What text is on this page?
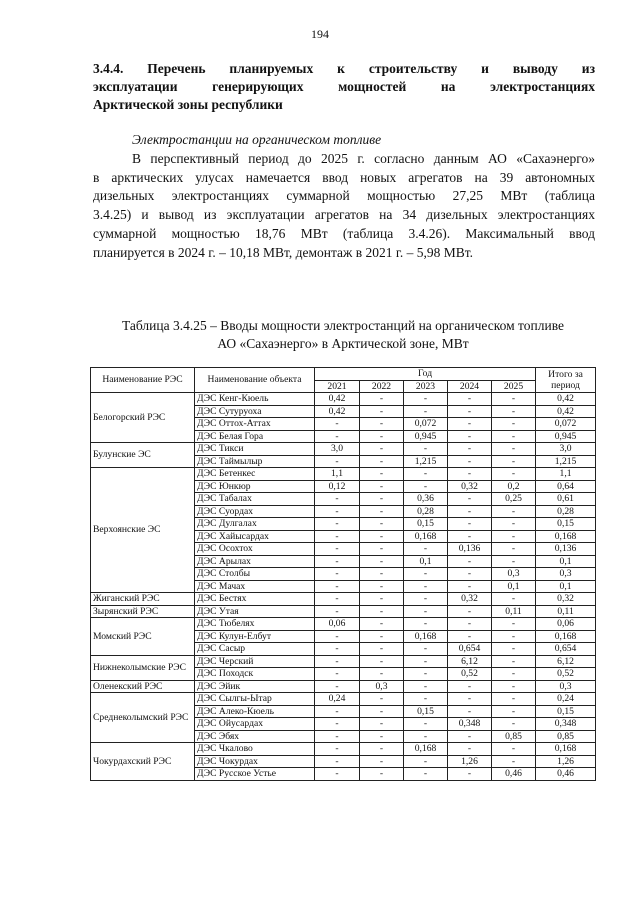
194
3.4.4. Перечень планируемых к строительству и выводу из
эксплуатации генерирующих мощностей на электростанциях
Арктической зоны республики
Электростанции на органическом топливе
В перспективный период до 2025 г. согласно данным АО «Сахаэнерго»
в арктических улусах намечается ввод новых агрегатов на 39 автономных
дизельных электростанциях суммарной мощностью 27,25 МВт (таблица
3.4.25) и вывод из эксплуатации агрегатов на 34 дизельных электростанциях
суммарной мощностью 18,76 МВт (таблица 3.4.26). Максимальный ввод
планируется в 2024 г. – 10,18 МВт, демонтаж в 2021 г. – 5,98 МВт.
Таблица 3.4.25 – Вводы мощности электростанций на органическом топливе
АО «Сахаэнерго» в Арктической зоне, МВт
Наименование РЭС	Наименование объекта	Год					Итого за период
		2021	2022	2023	2024	2025	
Белогорский РЭС	ДЭС Кенг-Кюель	0,42	-	-	-	-	0,42
	ДЭС Сутуруоха	0,42	-	-	-	-	0,42
	ДЭС Оттох-Аттах	-	-	0,072	-	-	0,072
	ДЭС Белая Гора	-	-	0,945	-	-	0,945
Булунские ЭС	ДЭС Тикси	3,0	-	-	-	-	3,0
	ДЭС Таймылыр	-	-	1,215	-	-	1,215
Верхоянские ЭС	ДЭС Бетенкес	1,1	-	-	-	-	1,1
	ДЭС Юнкюр	0,12	-	-	0,32	0,2	0,64
	ДЭС Табалах	-	-	0,36	-	0,25	0,61
	ДЭС Суордах	-	-	0,28	-	-	0,28
	ДЭС Дулгалах	-	-	0,15	-	-	0,15
	ДЭС Хайысардах	-	-	0,168	-	-	0,168
	ДЭС Осохтох	-	-	-	0,136	-	0,136
	ДЭС Арылах	-	-	0,1	-	-	0,1
	ДЭС Столбы	-	-	-	-	0,3	0,3
	ДЭС Мачах	-	-	-	-	0,1	0,1
Жиганский РЭС	ДЭС Бестях	-	-	-	0,32	-	0,32
Зырянский РЭС	ДЭС Утая	-	-	-	-	0,11	0,11
Момский РЭС	ДЭС Тюбелях	0,06	-	-	-	-	0,06
	ДЭС Кулун-Елбут	-	-	0,168	-	-	0,168
	ДЭС Сасыр	-	-	-	0,654	-	0,654
Нижнеколымские РЭС	ДЭС Черский	-	-	-	6,12	-	6,12
	ДЭС Походск	-	-	-	0,52	-	0,52
Оленекский РЭС	ДЭС Эйик	-	0,3	-	-	-	0,3
Среднеколымский РЭС	ДЭС Сылгы-Ытар	0,24	-	-	-	-	0,24
	ДЭС Алеко-Кюель	-	-	0,15	-	-	0,15
	ДЭС Ойусардах	-	-	-	0,348	-	0,348
	ДЭС Эбях	-	-	-	-	0,85	0,85
Чокурдахский РЭС	ДЭС Чкалово	-	-	0,168	-	-	0,168
	ДЭС Чокурдах	-	-	-	1,26	-	1,26
	ДЭС Русское Устье	-	-	-	-	0,46	0,46
